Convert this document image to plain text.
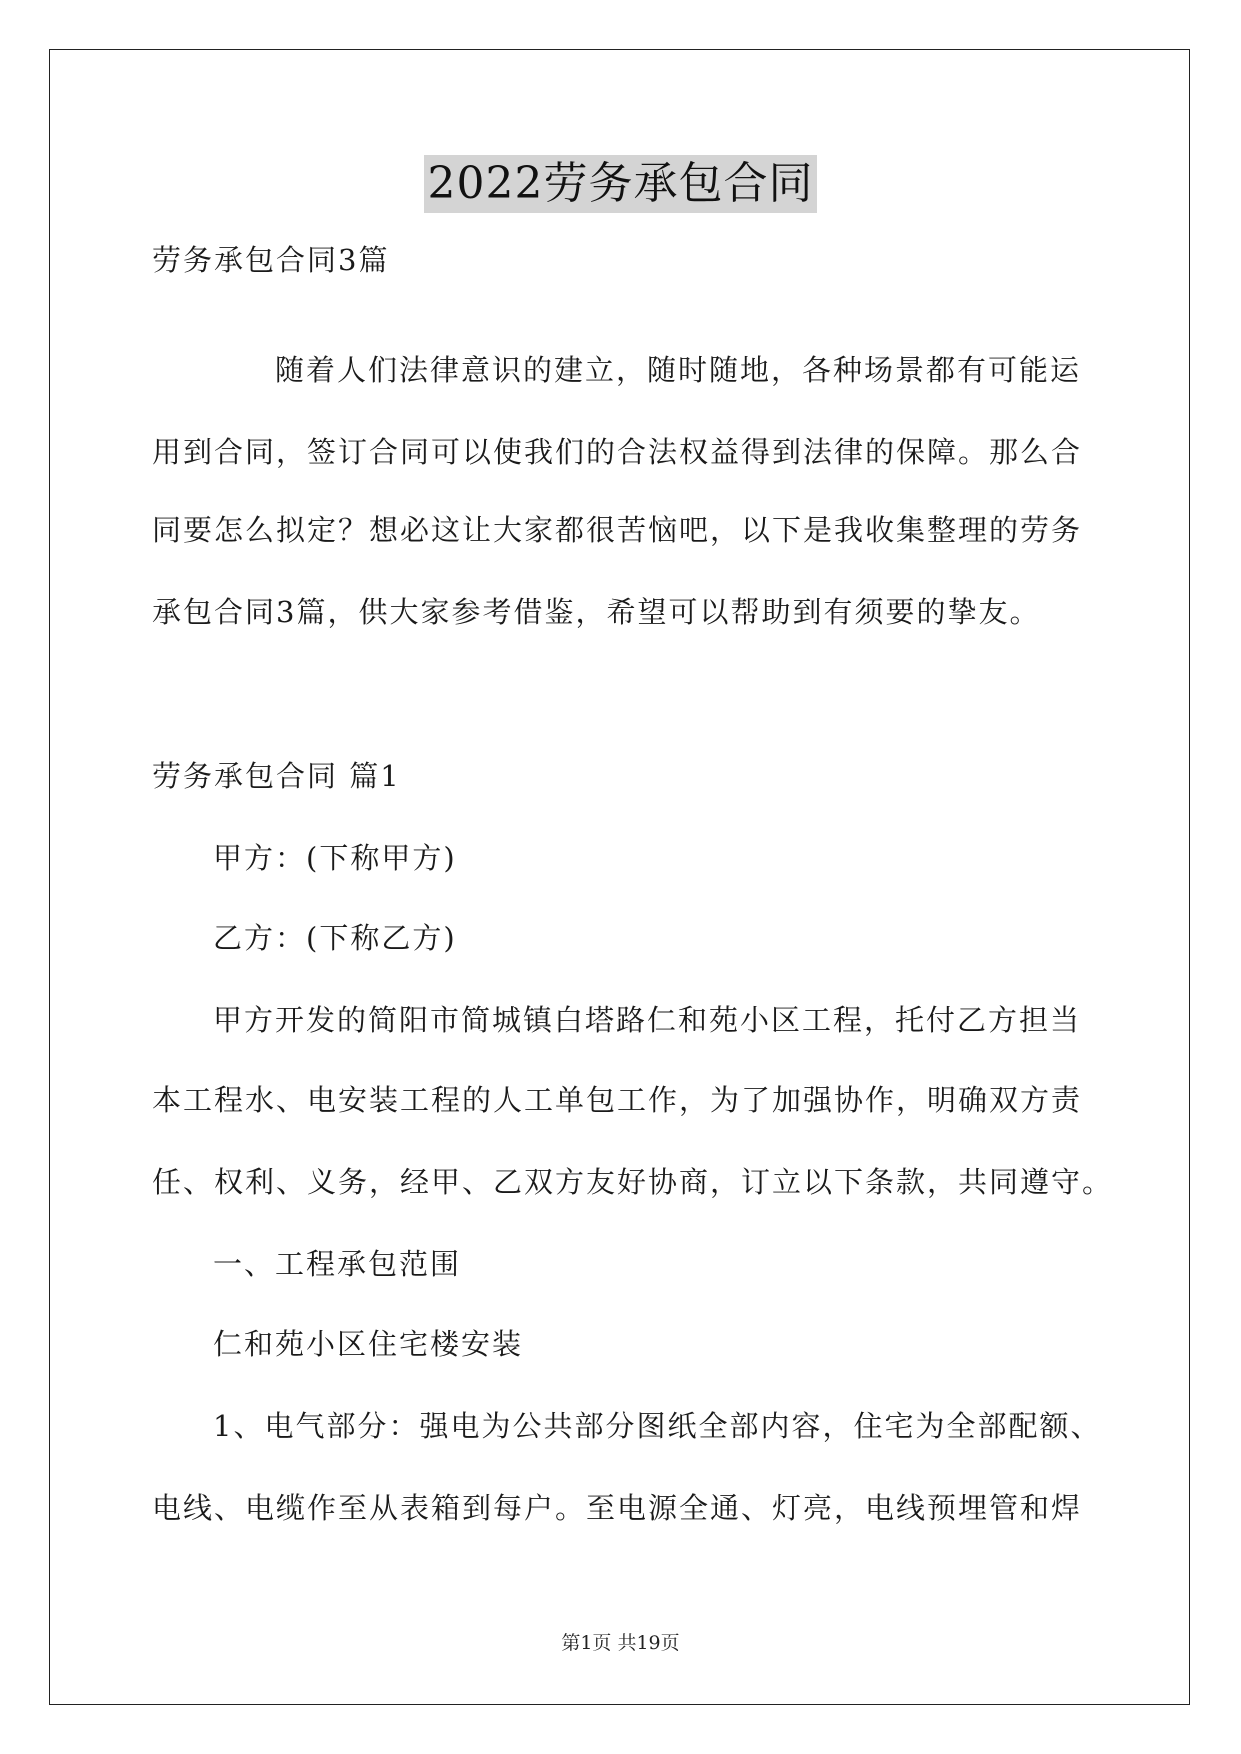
2022劳务承包合同
劳务承包合同3篇
随着人们法律意识的建立，随时随地，各种场景都有可能运
用到合同，签订合同可以使我们的合法权益得到法律的保障。那么合
同要怎么拟定？想必这让大家都很苦恼吧，以下是我收集整理的劳务
承包合同3篇，供大家参考借鉴，希望可以帮助到有须要的挚友。
劳务承包合同 篇1
甲方：(下称甲方)
乙方：(下称乙方)
甲方开发的简阳市简城镇白塔路仁和苑小区工程，托付乙方担当
本工程水、电安装工程的人工单包工作，为了加强协作，明确双方责
任、权利、义务，经甲、乙双方友好协商，订立以下条款，共同遵守。
一、工程承包范围
仁和苑小区住宅楼安装
1、电气部分：强电为公共部分图纸全部内容，住宅为全部配额、
电线、电缆作至从表箱到每户。至电源全通、灯亮，电线预埋管和焊
第1页 共19页
